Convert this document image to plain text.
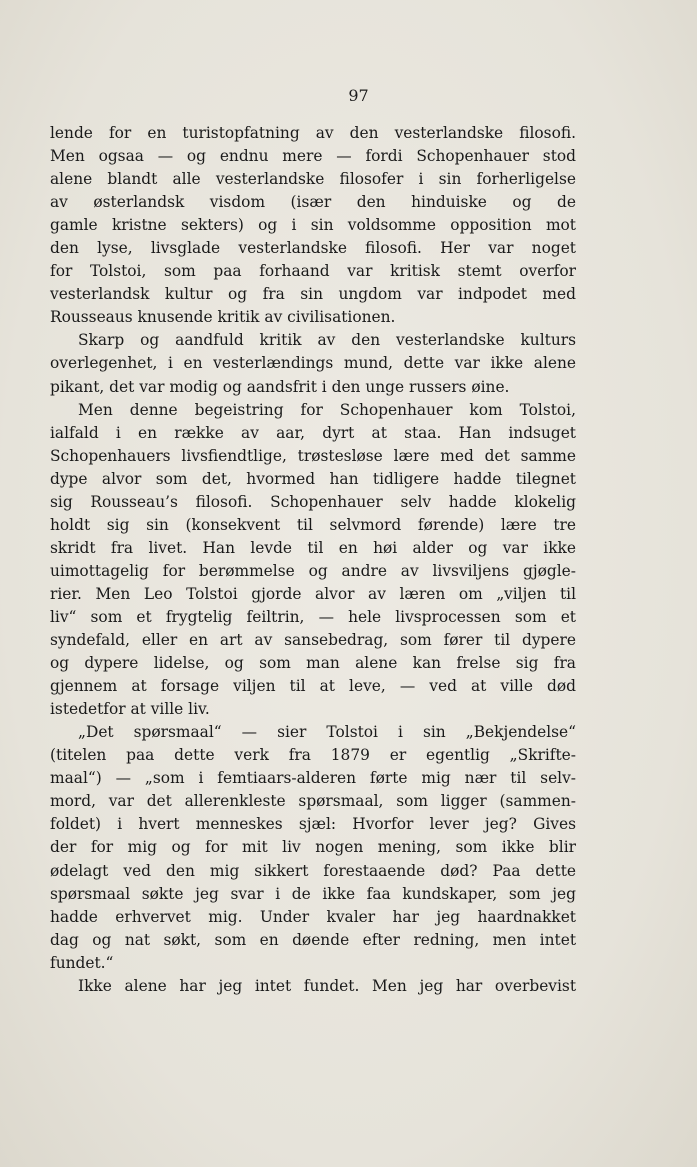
97
lende for en turistopfatning av den vesterlandske filosofi.
Men ogsaa — og endnu mere — fordi Schopenhauer stod
alene blandt alle vesterlandske filosofer i sin forherligelse
av østerlandsk visdom (især den hinduiske og de
gamle kristne sekters) og i sin voldsomme opposition mot
den lyse, livsglade vesterlandske filosofi. Her var noget
for Tolstoi, som paa forhaand var kritisk stemt overfor
vesterlandsk kultur og fra sin ungdom var indpodet med
Rousseaus knusende kritik av civilisationen.
Skarp og aandfuld kritik av den vesterlandske kulturs
overlegenhet, i en vesterlændings mund, dette var ikke alene
pikant, det var modig og aandsfrit i den unge russers øine.
Men denne begeistring for Schopenhauer kom Tolstoi,
ialfald i en række av aar, dyrt at staa. Han indsuget
Schopenhauers livsfiendtlige, trøstesløse lære med det samme
dype alvor som det, hvormed han tidligere hadde tilegnet
sig Rousseau’s filosofi. Schopenhauer selv hadde klokelig
holdt sig sin (konsekvent til selvmord førende) lære tre
skridt fra livet. Han levde til en høi alder og var ikke
uimottagelig for berømmelse og andre av livsviljens gjøgle-
rier. Men Leo Tolstoi gjorde alvor av læren om „viljen til
liv“ som et frygtelig feiltrin, — hele livsprocessen som et
syndefald, eller en art av sansebedrag, som fører til dypere
og dypere lidelse, og som man alene kan frelse sig fra
gjennem at forsage viljen til at leve, — ved at ville død
istedetfor at ville liv.
„Det spørsmaal“ — sier Tolstoi i sin „Bekjendelse“
(titelen paa dette verk fra 1879 er egentlig „Skrifte-
maal“) — „som i femtiaars-alderen førte mig nær til selv-
mord, var det allerenkleste spørsmaal, som ligger (sammen-
foldet) i hvert menneskes sjæl: Hvorfor lever jeg? Gives
der for mig og for mit liv nogen mening, som ikke blir
ødelagt ved den mig sikkert forestaaende død? Paa dette
spørsmaal søkte jeg svar i de ikke faa kundskaper, som jeg
hadde erhvervet mig. Under kvaler har jeg haardnakket
dag og nat søkt, som en døende efter redning, men intet
fundet.“
Ikke alene har jeg intet fundet. Men jeg har overbevist
